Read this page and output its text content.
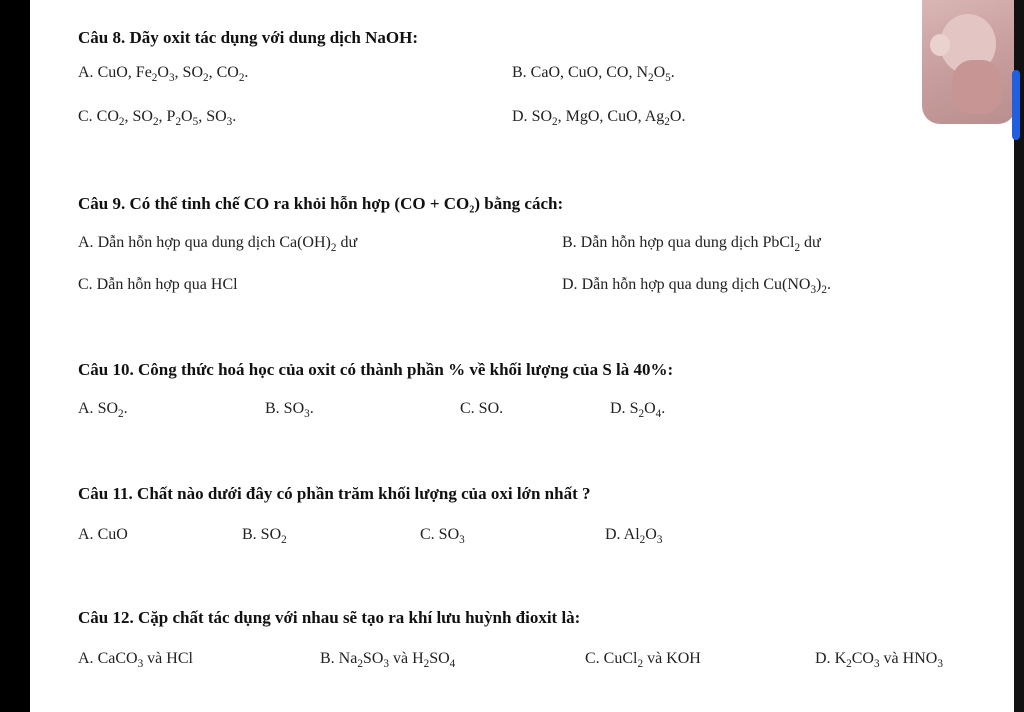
Câu 8. Dãy oxit tác dụng với dung dịch NaOH:
A. CuO, $Fe_2O_3$, $SO_2$, $CO_2$.	B. CaO, CuO, CO, $N_2O_5$.
C. $CO_2$, $SO_2$, $P_2O_5$, $SO_3$.	D. $SO_2$, MgO, CuO, $Ag_2O$.
Câu 9. Có thể tinh chế CO ra khỏi hỗn hợp (CO + CO₂) bằng cách:
A. Dẫn hỗn hợp qua dung dịch $Ca(OH)_2$ dư	B. Dẫn hỗn hợp qua dung dịch PbCl$_2$ dư
C. Dẫn hỗn hợp qua HCl	D. Dẫn hỗn hợp qua dung dịch $Cu(NO_3)_2$.
Câu 10. Công thức hoá học của oxit có thành phần % về khối lượng của S là 40%:
A. $SO_2$.	B. $SO_3$.	C. SO.	D. $S_2O_4$.
Câu 11. Chất nào dưới đây có phần trăm khối lượng của oxi lớn nhất ?
A. CuO	B. $SO_2$	C. $SO_3$	D. $Al_2O_3$
Câu 12. Cặp chất tác dụng với nhau sẽ tạo ra khí lưu huỳnh đioxit là:
A. CaCO$_3$ và HCl	B. $Na_2SO_3$ và $H_2SO_4$	C. CuCl$_2$ và KOH	D. $K_2CO_3$ và $HNO_3$
